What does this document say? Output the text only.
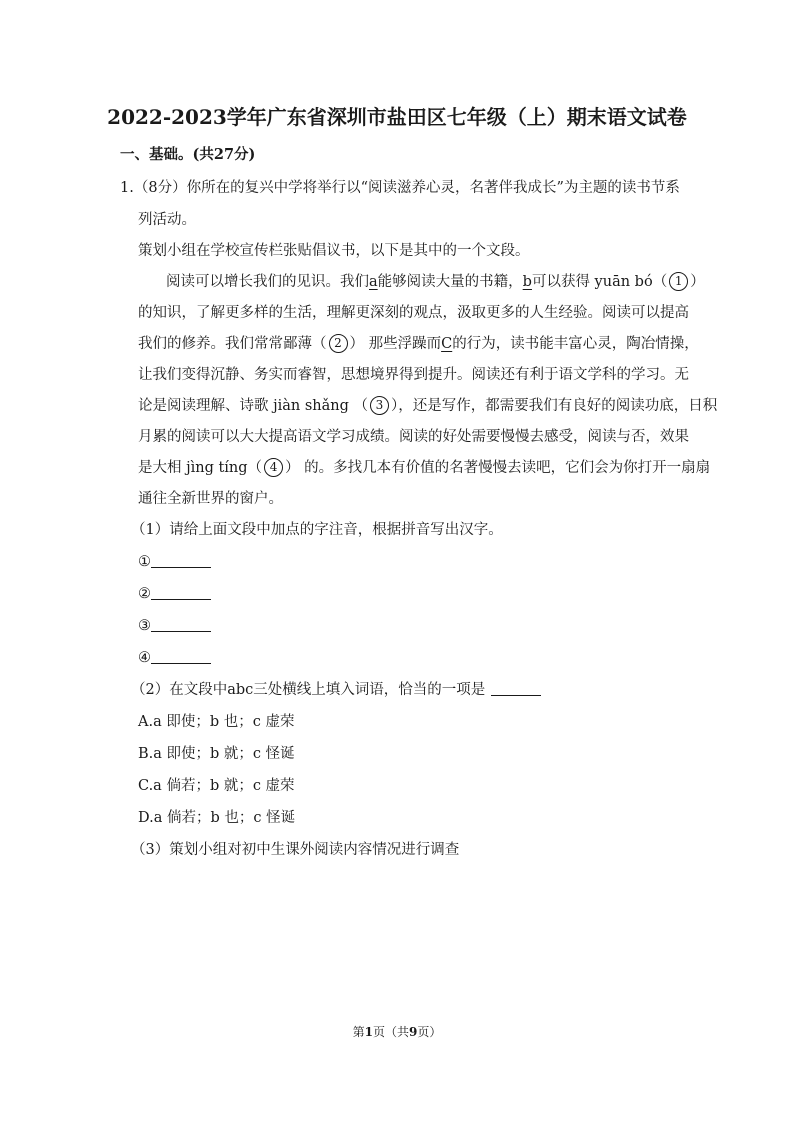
2022-2023学年广东省深圳市盐田区七年级（上）期末语文试卷
一、基础。(共27分)
1.（8分）你所在的复兴中学将举行以“阅读滋养心灵，名著伴我成长”为主题的读书节系
列活动。
策划小组在学校宣传栏张贴倡议书，以下是其中的一个文段。
阅读可以增长我们的见识。我们a能够阅读大量的书籍，b可以获得 yuān bó（ 1 ）
的知识，了解更多样的生活，理解更深刻的观点，汲取更多的人生经验。阅读可以提高
我们的修养。我们常常鄙薄（ 2 ） 那些浮躁而C的行为，读书能丰富心灵，陶冶情操，
让我们变得沉静、务实而睿智，思想境界得到提升。阅读还有利于语文学科的学习。无
论是阅读理解、诗歌 jiàn shǎng （ 3 ），还是写作，都需要我们有良好的阅读功底，日积
月累的阅读可以大大提高语文学习成绩。阅读的好处需要慢慢去感受，阅读与否，效果
是大相 jìng tíng（ 4 ） 的。多找几本有价值的名著慢慢去读吧，它们会为你打开一扇扇
通往全新世界的窗户。
（1）请给上面文段中加点的字注音，根据拼音写出汉字。
①
②
③
④
（2）在文段中abc三处横线上填入词语，恰当的一项是
A.a 即使；b 也；c 虚荣
B.a 即使；b 就；c 怪诞
C.a 倘若；b 就；c 虚荣
D.a 倘若；b 也；c 怪诞
（3）策划小组对初中生课外阅读内容情况进行调查
第1页（共9页）
